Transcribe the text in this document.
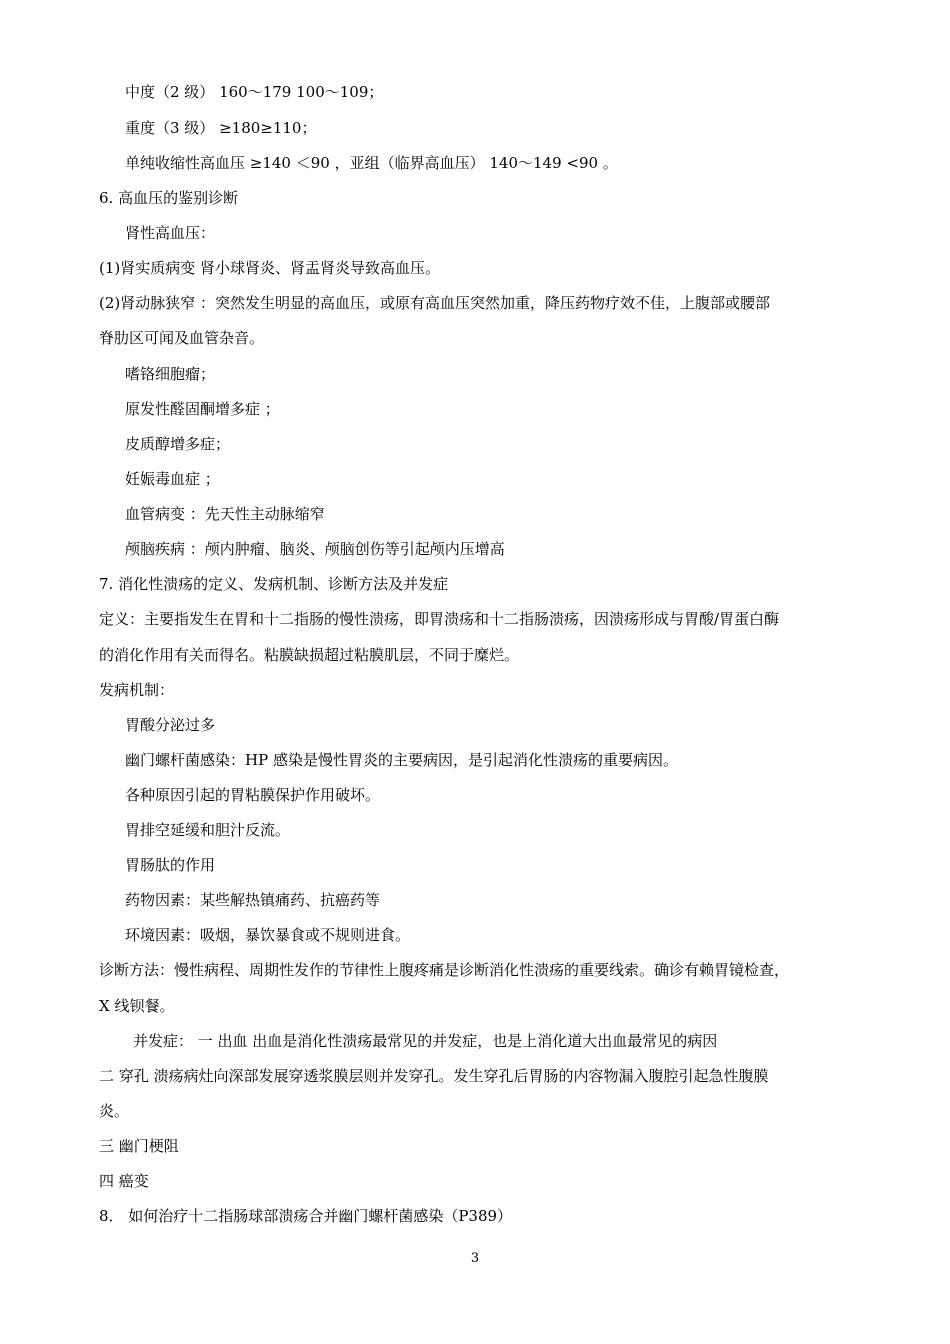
中度（2 级） 160～179 100～109；
重度（3 级） ≥180≥110；
单纯收缩性高血压 ≥140 ＜90 ，亚组（临界高血压） 140～149 <90 。
6. 高血压的鉴别诊断
肾性高血压：
(1)肾实质病变 肾小球肾炎、肾盂肾炎导致高血压。
(2)肾动脉狭窄 ：突然发生明显的高血压，或原有高血压突然加重，降压药物疗效不佳，上腹部或腰部
脊肋区可闻及血管杂音。
嗜铬细胞瘤；
原发性醛固酮增多症 ；
皮质醇增多症；
妊娠毒血症 ；
血管病变 ：先天性主动脉缩窄
颅脑疾病 ：颅内肿瘤、脑炎、颅脑创伤等引起颅内压增高
7. 消化性溃疡的定义、发病机制、诊断方法及并发症
定义：主要指发生在胃和十二指肠的慢性溃疡，即胃溃疡和十二指肠溃疡，因溃疡形成与胃酸/胃蛋白酶
的消化作用有关而得名。粘膜缺损超过粘膜肌层，不同于糜烂。
发病机制：
胃酸分泌过多
幽门螺杆菌感染：HP 感染是慢性胃炎的主要病因，是引起消化性溃疡的重要病因。
各种原因引起的胃粘膜保护作用破坏。
胃排空延缓和胆汁反流。
胃肠肽的作用
药物因素：某些解热镇痛药、抗癌药等
环境因素：吸烟，暴饮暴食或不规则进食。
诊断方法：慢性病程、周期性发作的节律性上腹疼痛是诊断消化性溃疡的重要线索。确诊有赖胃镜检查，
X 线钡餐。
并发症： 一 出血 出血是消化性溃疡最常见的并发症，也是上消化道大出血最常见的病因
二 穿孔 溃疡病灶向深部发展穿透浆膜层则并发穿孔。发生穿孔后胃肠的内容物漏入腹腔引起急性腹膜
炎。
三 幽门梗阻
四 癌变
8． 如何治疗十二指肠球部溃疡合并幽门螺杆菌感染（P389）
3
